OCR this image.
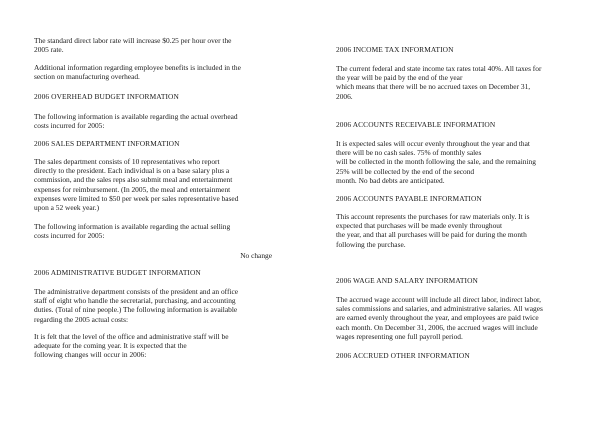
The standard direct labor rate will increase $0.25 per hour over the
2005 rate.
Additional information regarding employee benefits is included in the
section on manufacturing overhead.
2006 OVERHEAD BUDGET INFORMATION
The following information is available regarding the actual overhead
costs incurred for 2005:
2006 SALES DEPARTMENT INFORMATION
The sales department consists of 10 representatives who report
directly to the president. Each individual is on a base salary plus a
commission, and the sales reps also submit meal and entertainment
expenses for reimbursement. (In 2005, the meal and entertainment
expenses were limited to $50 per week per sales representative based
upon a 52 week year.)
The following information is available regarding the actual selling
costs incurred for 2005:
No change
2006 ADMINISTRATIVE BUDGET INFORMATION
The administrative department consists of the president and an office
staff of eight who handle the secretarial, purchasing, and accounting
duties. (Total of nine people.) The following information is available
regarding the 2005 actual costs:
It is felt that the level of the office and administrative staff will be
adequate for the coming year. It is expected that the
following changes will occur in 2006:
2006 INCOME TAX INFORMATION
The current federal and state income tax rates total 40%. All taxes for
the year will be paid by the end of the year
which means that there will be no accrued taxes on December 31,
2006.
2006 ACCOUNTS RECEIVABLE INFORMATION
It is expected sales will occur evenly throughout the year and that
there will be no cash sales. 75% of monthly sales
will be collected in the month following the sale, and the remaining
25% will be collected by the end of the second
month. No bad debts are anticipated.
2006 ACCOUNTS PAYABLE INFORMATION
This account represents the purchases for raw materials only. It is
expected that purchases will be made evenly throughout
the year, and that all purchases will be paid for during the month
following the purchase.
2006 WAGE AND SALARY INFORMATION
The accrued wage account will include all direct labor, indirect labor,
sales commissions and salaries, and administrative salaries. All wages
are earned evenly throughout the year, and employees are paid twice
each month. On December 31, 2006, the accrued wages will include
wages representing one full payroll period.
2006 ACCRUED OTHER INFORMATION
